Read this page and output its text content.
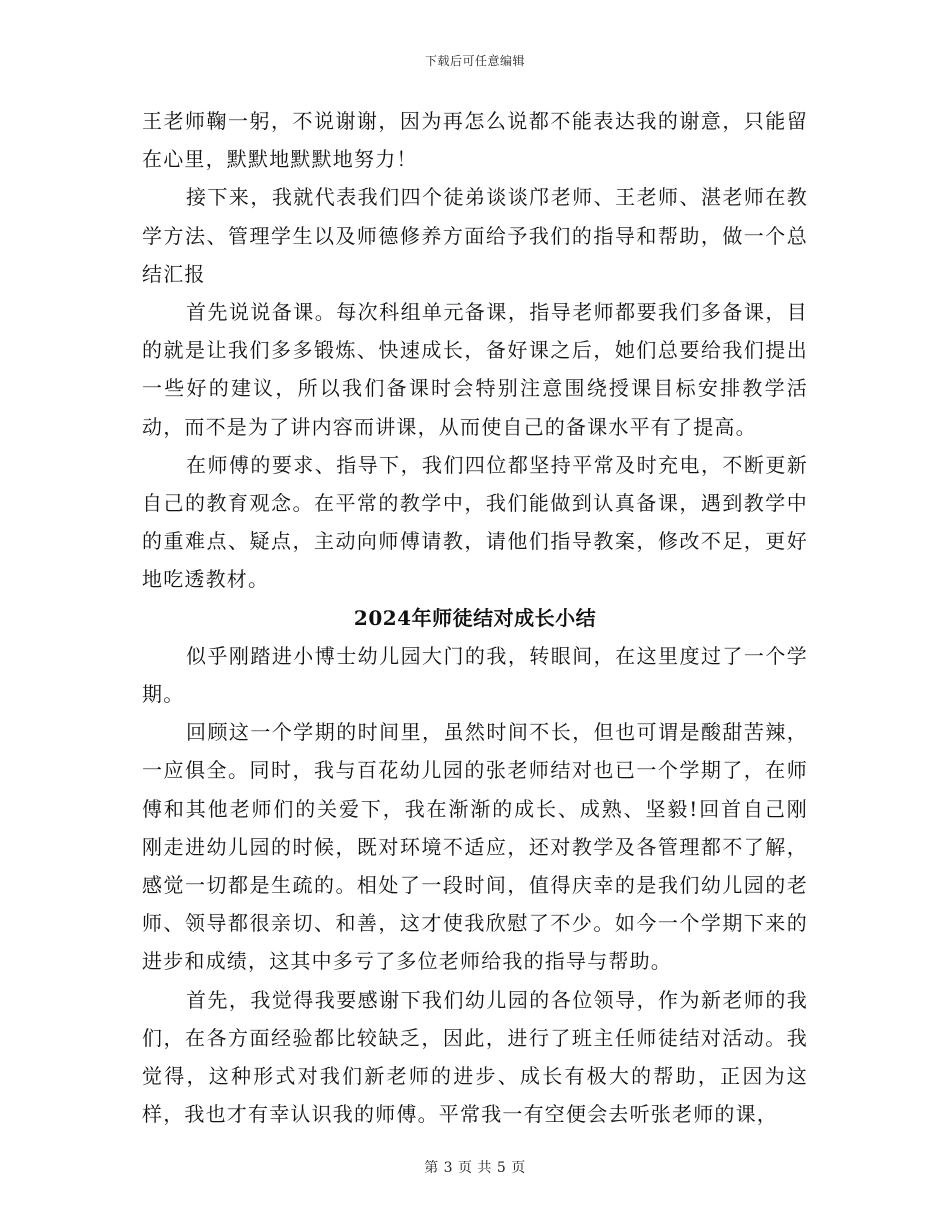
下载后可任意编辑

王老师鞠一躬，不说谢谢，因为再怎么说都不能表达我的谢意，只能留在心里，默默地默默地努力！

接下来，我就代表我们四个徒弟谈谈邝老师、王老师、湛老师在教学方法、管理学生以及师德修养方面给予我们的指导和帮助，做一个总结汇报

首先说说备课。每次科组单元备课，指导老师都要我们多备课，目的就是让我们多多锻炼、快速成长，备好课之后，她们总要给我们提出一些好的建议，所以我们备课时会特别注意围绕授课目标安排教学活动，而不是为了讲内容而讲课，从而使自己的备课水平有了提高。

在师傅的要求、指导下，我们四位都坚持平常及时充电，不断更新自己的教育观念。在平常的教学中，我们能做到认真备课，遇到教学中的重难点、疑点，主动向师傅请教，请他们指导教案，修改不足，更好地吃透教材。

2024年师徒结对成长小结

似乎刚踏进小博士幼儿园大门的我，转眼间，在这里度过了一个学期。

回顾这一个学期的时间里，虽然时间不长，但也可谓是酸甜苦辣，一应俱全。同时，我与百花幼儿园的张老师结对也已一个学期了，在师傅和其他老师们的关爱下，我在渐渐的成长、成熟、坚毅!回首自己刚刚走进幼儿园的时候，既对环境不适应，还对教学及各管理都不了解，感觉一切都是生疏的。相处了一段时间，值得庆幸的是我们幼儿园的老师、领导都很亲切、和善，这才使我欣慰了不少。如今一个学期下来的进步和成绩，这其中多亏了多位老师给我的指导与帮助。

首先，我觉得我要感谢下我们幼儿园的各位领导，作为新老师的我们，在各方面经验都比较缺乏，因此，进行了班主任师徒结对活动。我觉得，这种形式对我们新老师的进步、成长有极大的帮助，正因为这样，我也才有幸认识我的师傅。平常我一有空便会去听张老师的课，

第 3 页 共 5 页
